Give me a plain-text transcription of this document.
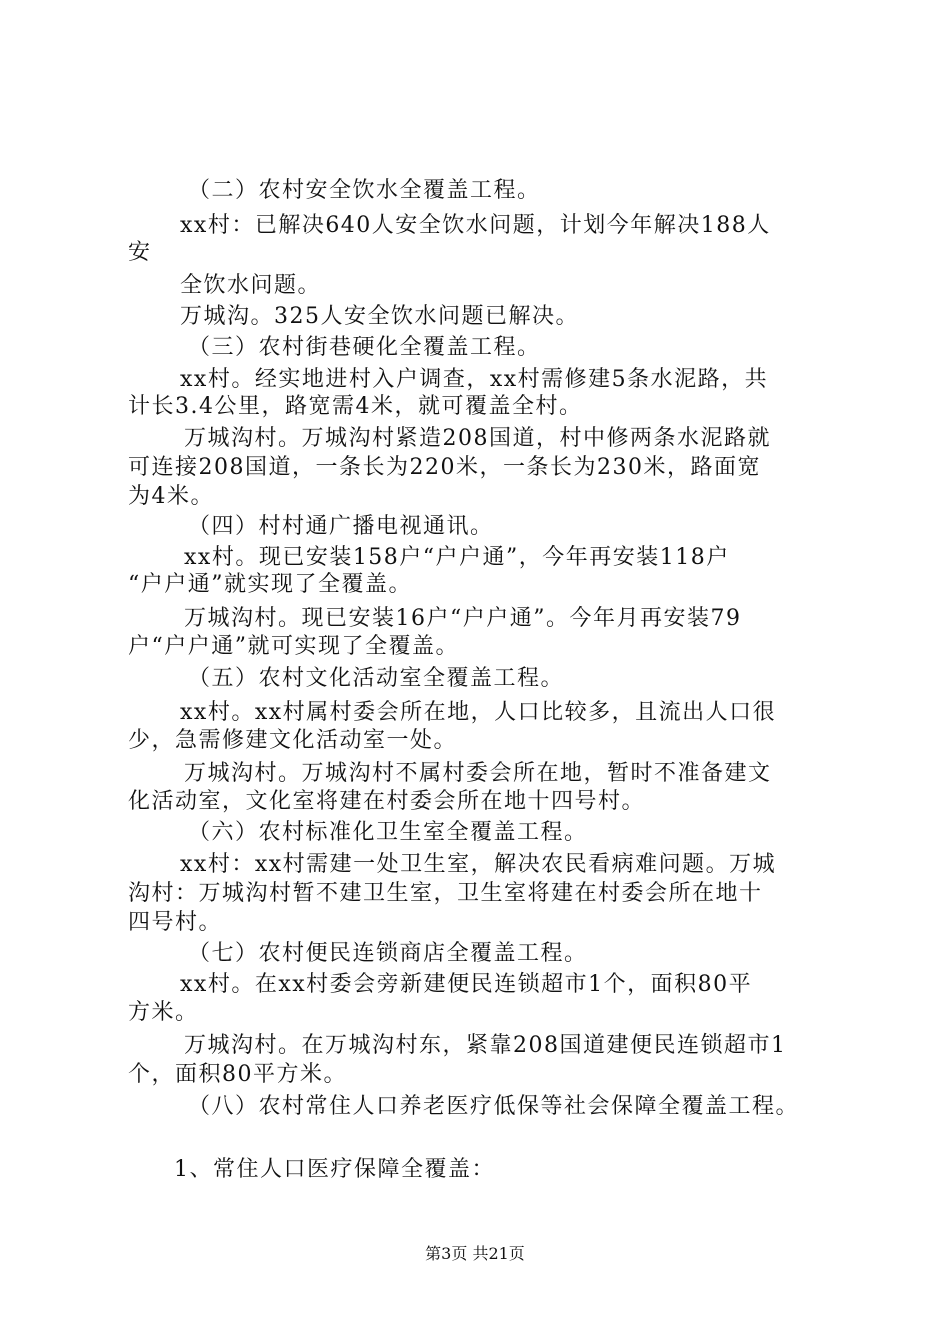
（二）农村安全饮水全覆盖工程。
xx村：已解决640人安全饮水问题，计划今年解决188人
安
全饮水问题。
万城沟。325人安全饮水问题已解决。
（三）农村街巷硬化全覆盖工程。
xx村。经实地进村入户调查，xx村需修建5条水泥路，共
计长3.4公里，路宽需4米，就可覆盖全村。
万城沟村。万城沟村紧造208国道，村中修两条水泥路就
可连接208国道，一条长为220米，一条长为230米，路面宽
为4米。
（四）村村通广播电视通讯。
xx村。现已安装158户“户户通”，今年再安装118户
“户户通”就实现了全覆盖。
万城沟村。现已安装16户“户户通”。今年月再安装79
户“户户通”就可实现了全覆盖。
（五）农村文化活动室全覆盖工程。
xx村。xx村属村委会所在地，人口比较多，且流出人口很
少，急需修建文化活动室一处。
万城沟村。万城沟村不属村委会所在地，暂时不准备建文
化活动室，文化室将建在村委会所在地十四号村。
（六）农村标准化卫生室全覆盖工程。
xx村：xx村需建一处卫生室，解决农民看病难问题。万城
沟村：万城沟村暂不建卫生室，卫生室将建在村委会所在地十
四号村。
（七）农村便民连锁商店全覆盖工程。
xx村。在xx村委会旁新建便民连锁超市1个，面积80平
方米。
万城沟村。在万城沟村东，紧靠208国道建便民连锁超市1
个，面积80平方米。
（八）农村常住人口养老医疗低保等社会保障全覆盖工程。
1、常住人口医疗保障全覆盖：
第3页 共21页
